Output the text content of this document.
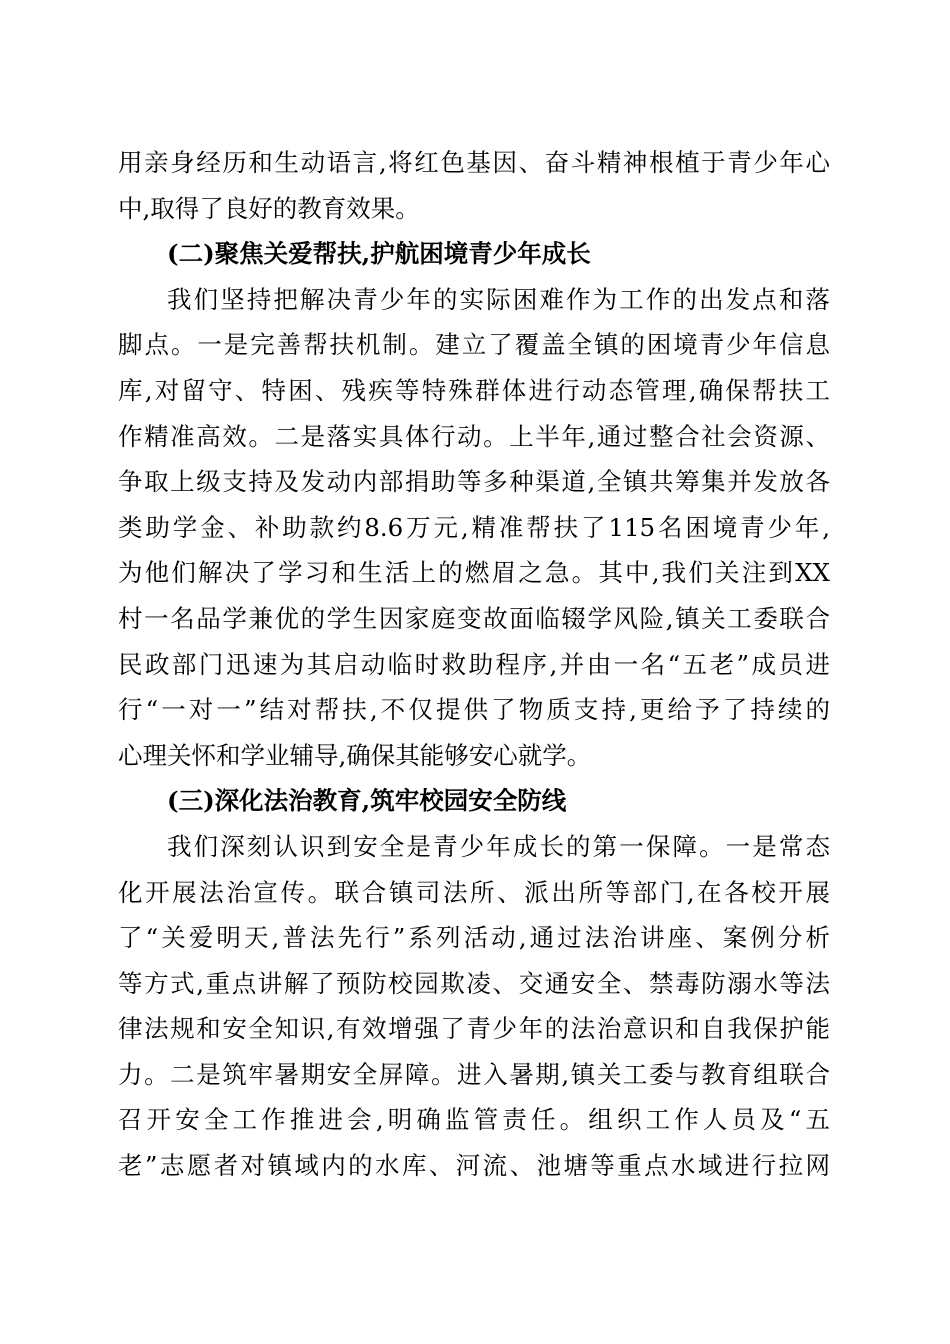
用亲身经历和生动语言,将红色基因、奋斗精神根植于青少年心
中,取得了良好的教育效果。
(二)聚焦关爱帮扶,护航困境青少年成长
我们坚持把解决青少年的实际困难作为工作的出发点和落
脚点。一是完善帮扶机制。建立了覆盖全镇的困境青少年信息
库,对留守、特困、残疾等特殊群体进行动态管理,确保帮扶工
作精准高效。二是落实具体行动。上半年,通过整合社会资源、
争取上级支持及发动内部捐助等多种渠道,全镇共筹集并发放各
类助学金、补助款约8.6万元,精准帮扶了115名困境青少年,
为他们解决了学习和生活上的燃眉之急。其中,我们关注到XX
村一名品学兼优的学生因家庭变故面临辍学风险,镇关工委联合
民政部门迅速为其启动临时救助程序,并由一名“五老”成员进
行“一对一”结对帮扶,不仅提供了物质支持,更给予了持续的
心理关怀和学业辅导,确保其能够安心就学。
(三)深化法治教育,筑牢校园安全防线
我们深刻认识到安全是青少年成长的第一保障。一是常态
化开展法治宣传。联合镇司法所、派出所等部门,在各校开展
了“关爱明天,普法先行”系列活动,通过法治讲座、案例分析
等方式,重点讲解了预防校园欺凌、交通安全、禁毒防溺水等法
律法规和安全知识,有效增强了青少年的法治意识和自我保护能
力。二是筑牢暑期安全屏障。进入暑期,镇关工委与教育组联合
召开安全工作推进会,明确监管责任。组织工作人员及“五
老”志愿者对镇域内的水库、河流、池塘等重点水域进行拉网
